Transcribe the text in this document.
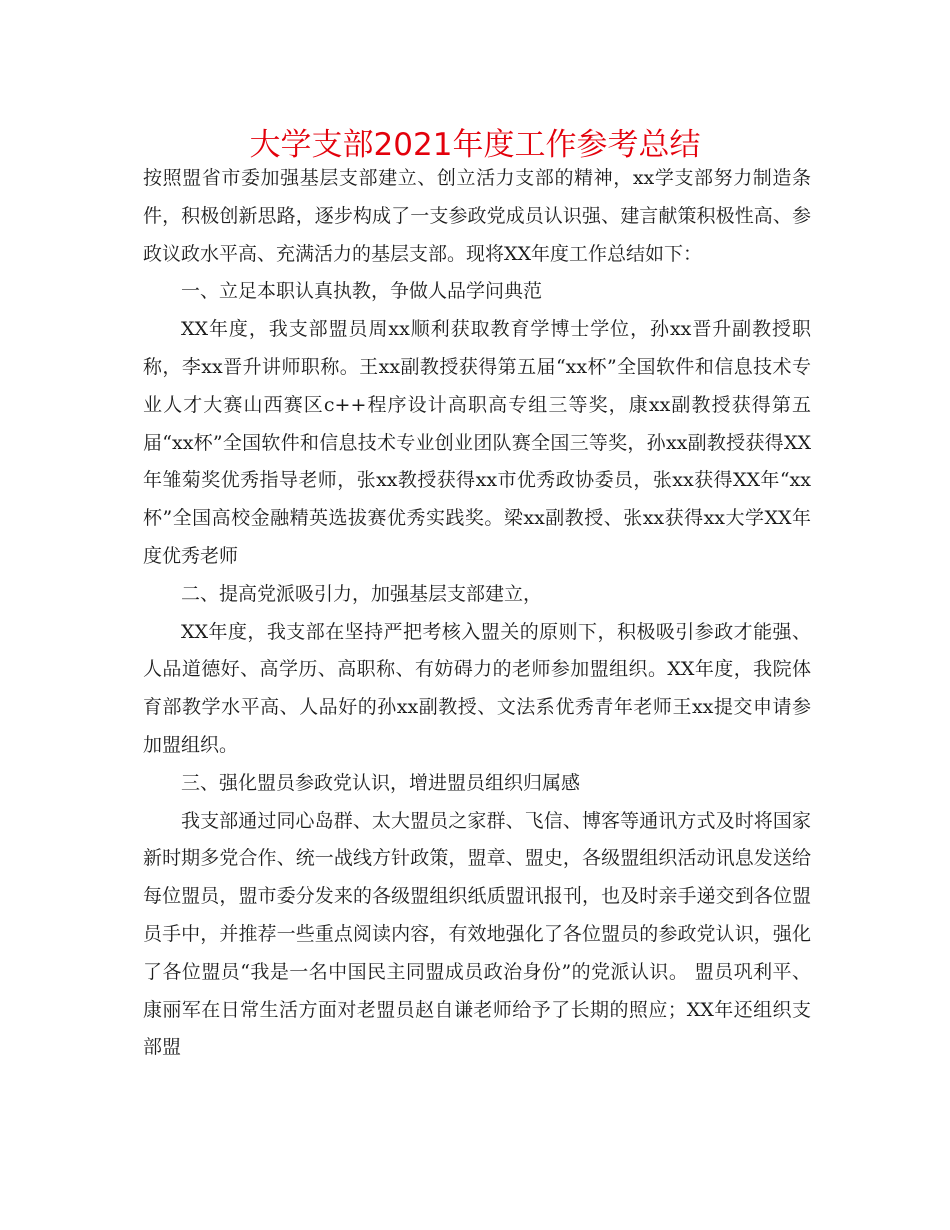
大学支部2021年度工作参考总结

按照盟省市委加强基层支部建立、创立活力支部的精神，xx学支部努力制造条件，积极创新思路，逐步构成了一支参政党成员认识强、建言献策积极性高、参政议政水平高、充满活力的基层支部。现将XX年度工作总结如下：

一、立足本职认真执教，争做人品学问典范

XX年度，我支部盟员周xx顺利获取教育学博士学位，孙xx晋升副教授职称，李xx晋升讲师职称。王xx副教授获得第五届“xx杯”全国软件和信息技术专业人才大赛山西赛区c++程序设计高职高专组三等奖，康xx副教授获得第五届“xx杯”全国软件和信息技术专业创业团队赛全国三等奖，孙xx副教授获得XX年雏菊奖优秀指导老师，张xx教授获得xx市优秀政协委员，张xx获得XX年“xx杯”全国高校金融精英选拔赛优秀实践奖。梁xx副教授、张xx获得xx大学XX年度优秀老师

二、提高党派吸引力，加强基层支部建立，

XX年度，我支部在坚持严把考核入盟关的原则下，积极吸引参政才能强、人品道德好、高学历、高职称、有妨碍力的老师参加盟组织。XX年度，我院体育部教学水平高、人品好的孙xx副教授、文法系优秀青年老师王xx提交申请参加盟组织。

三、强化盟员参政党认识，增进盟员组织归属感

我支部通过同心岛群、太大盟员之家群、飞信、博客等通讯方式及时将国家新时期多党合作、统一战线方针政策，盟章、盟史，各级盟组织活动讯息发送给每位盟员，盟市委分发来的各级盟组织纸质盟讯报刊，也及时亲手递交到各位盟员手中，并推荐一些重点阅读内容，有效地强化了各位盟员的参政党认识，强化了各位盟员“我是一名中国民主同盟成员政治身份”的党派认识。 盟员巩利平、康丽军在日常生活方面对老盟员赵自谦老师给予了长期的照应；XX年还组织支部盟
